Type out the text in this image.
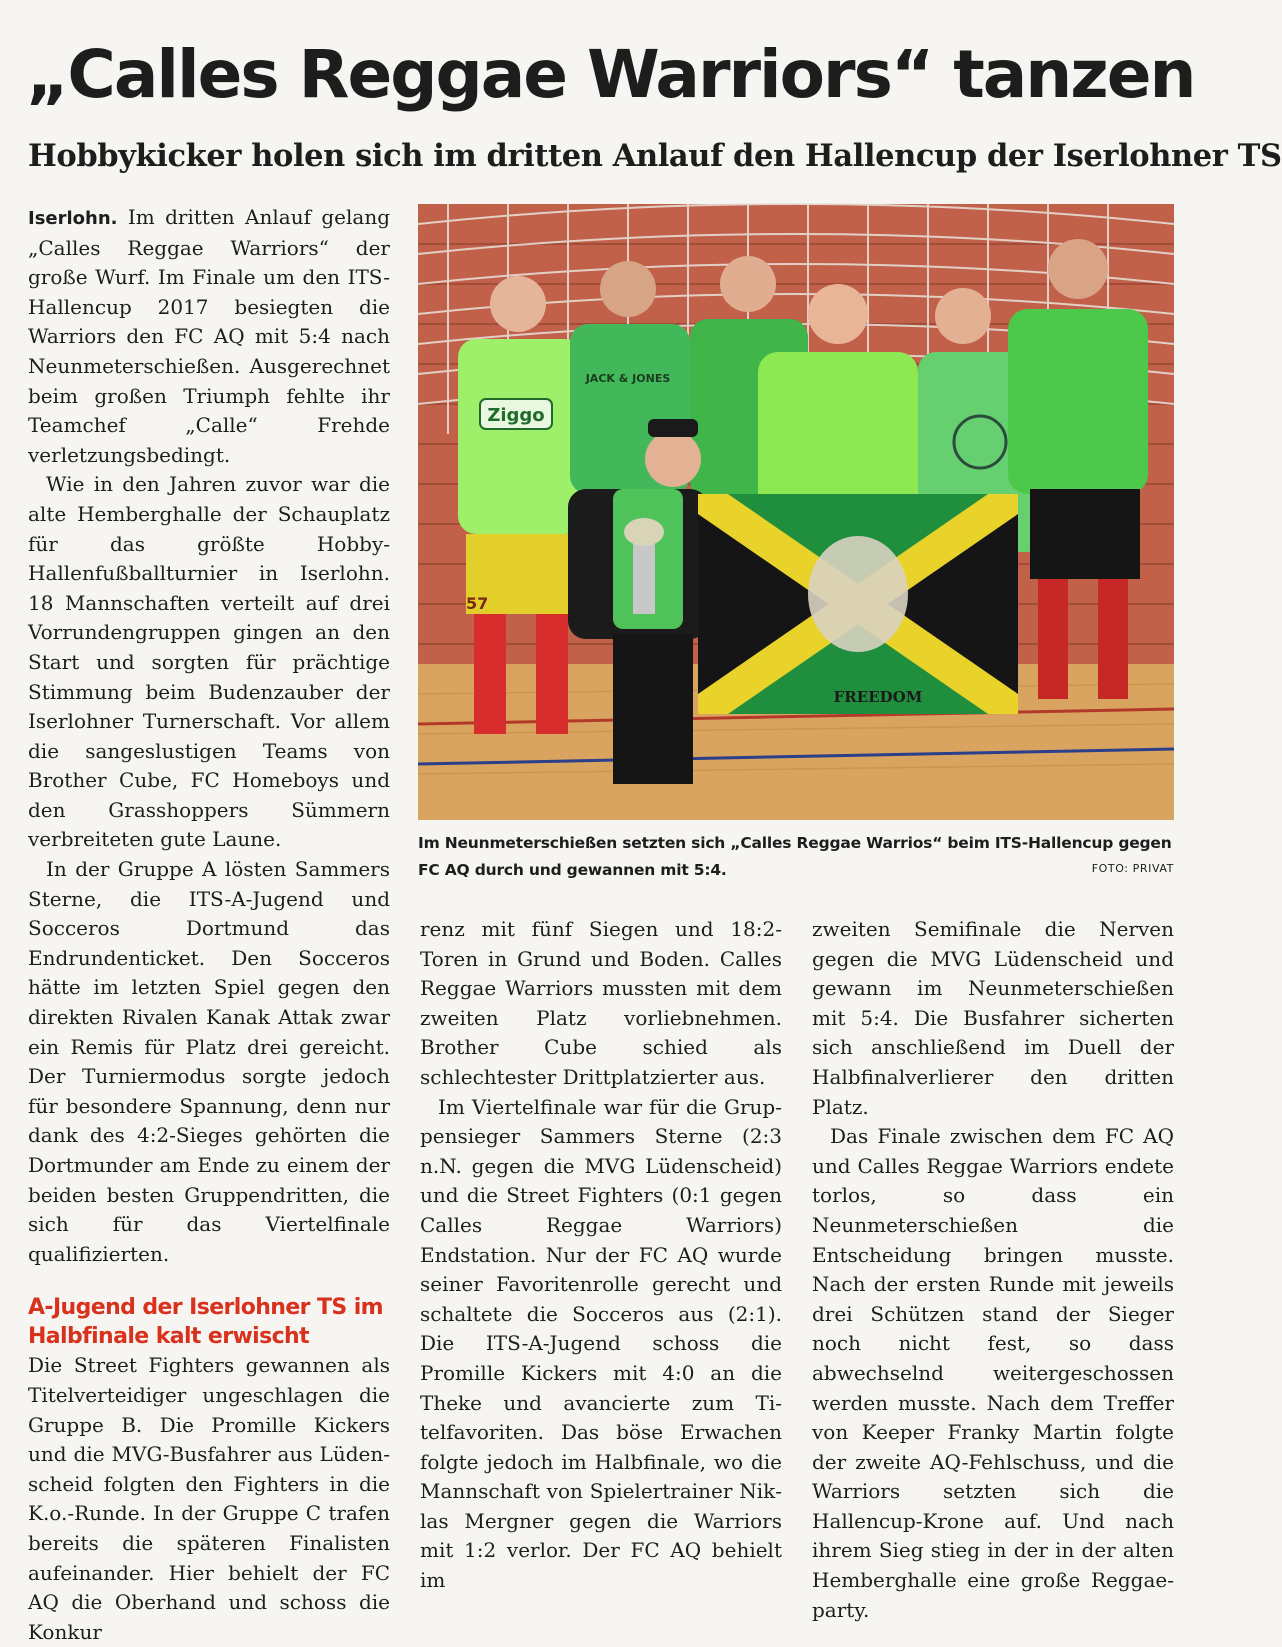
„Calles Reggae Warriors“ tanzen
Hobbykicker holen sich im dritten Anlauf den Hallencup der Iserlohner TS

Iserlohn. Im dritten Anlauf gelang „Calles Reggae Warriors“ der große Wurf. Im Finale um den ITS-Hallencup 2017 besiegten die Warriors den FC AQ mit 5:4 nach Neunmeterschießen. Ausgerechnet beim großen Triumph fehlte ihr Teamchef „Calle“ Frehde verletzungsbedingt.

Wie in den Jahren zuvor war die alte Hemberghalle der Schauplatz für das größte Hobby-Hallenfußballturnier in Iserlohn. 18 Mannschaften verteilt auf drei Vorrundengruppen gingen an den Start und sorgten für prächtige Stimmung beim Budenzauber der Iserlohner Turnerschaft. Vor allem die sangeslustigen Teams von Brother Cube, FC Homeboys und den Grasshoppers Sümmern verbreiteten gute Laune.

In der Gruppe A lösten Sammers Sterne, die ITS-A-Jugend und Socceros Dortmund das Endrundenticket. Den Socceros hätte im letzten Spiel gegen den direkten Rivalen Kanak Attak zwar ein Remis für Platz drei gereicht. Der Turniermodus sorgte jedoch für besondere Spannung, denn nur dank des 4:2-Sieges gehörten die Dortmunder am Ende zu einem der beiden besten Gruppendritten, die sich für das Viertelfinale qualifizierten.

A-Jugend der Iserlohner TS im Halbfinale kalt erwischt

Die Street Fighters gewannen als Titelverteidiger ungeschlagen die Gruppe B. Die Promille Kickers und die MVG-Busfahrer aus Lüdenscheid folgten den Fighters in die K.o.-Runde. In der Gruppe C trafen bereits die späteren Finalisten aufeinander. Hier behielt der FC AQ die Oberhand und schoss die Konkur

Ziggo
57
JACK & JONES
FREEDOM

Im Neunmeterschießen setzten sich „Calles Reggae Warrios“ beim ITS-Hallencup gegen FC AQ durch und gewannen mit 5:4.	FOTO: PRIVAT

renz mit fünf Siegen und 18:2-Toren in Grund und Boden. Calles Reggae Warriors mussten mit dem zweiten Platz vorliebnehmen. Brother Cube schied als schlechtester Drittplatzierter aus.

Im Viertelfinale war für die Gruppensieger Sammers Sterne (2:3 n.N. gegen die MVG Lüdenscheid) und die Street Fighters (0:1 gegen Calles Reggae Warriors) Endstation. Nur der FC AQ wurde seiner Favoritenrolle gerecht und schaltete die Socceros aus (2:1). Die ITS-A-Jugend schoss die Promille Kickers mit 4:0 an die Theke und avancierte zum Titelfavoriten. Das böse Erwachen folgte jedoch im Halbfinale, wo die Mannschaft von Spielertrainer Niklas Mergner gegen die Warriors mit 1:2 verlor. Der FC AQ behielt im

zweiten Semifinale die Nerven gegen die MVG Lüdenscheid und gewann im Neunmeterschießen mit 5:4. Die Busfahrer sicherten sich anschließend im Duell der Halbfinalverlierer den dritten Platz.

Das Finale zwischen dem FC AQ und Calles Reggae Warriors endete torlos, so dass ein Neunmeterschießen die Entscheidung bringen musste. Nach der ersten Runde mit jeweils drei Schützen stand der Sieger noch nicht fest, so dass abwechselnd weitergeschossen werden musste. Nach dem Treffer von Keeper Franky Martin folgte der zweite AQ-Fehlschuss, und die Warriors setzten sich die Hallencup-Krone auf. Und nach ihrem Sieg stieg in der in der alten Hemberghalle eine große Reggaeparty.
